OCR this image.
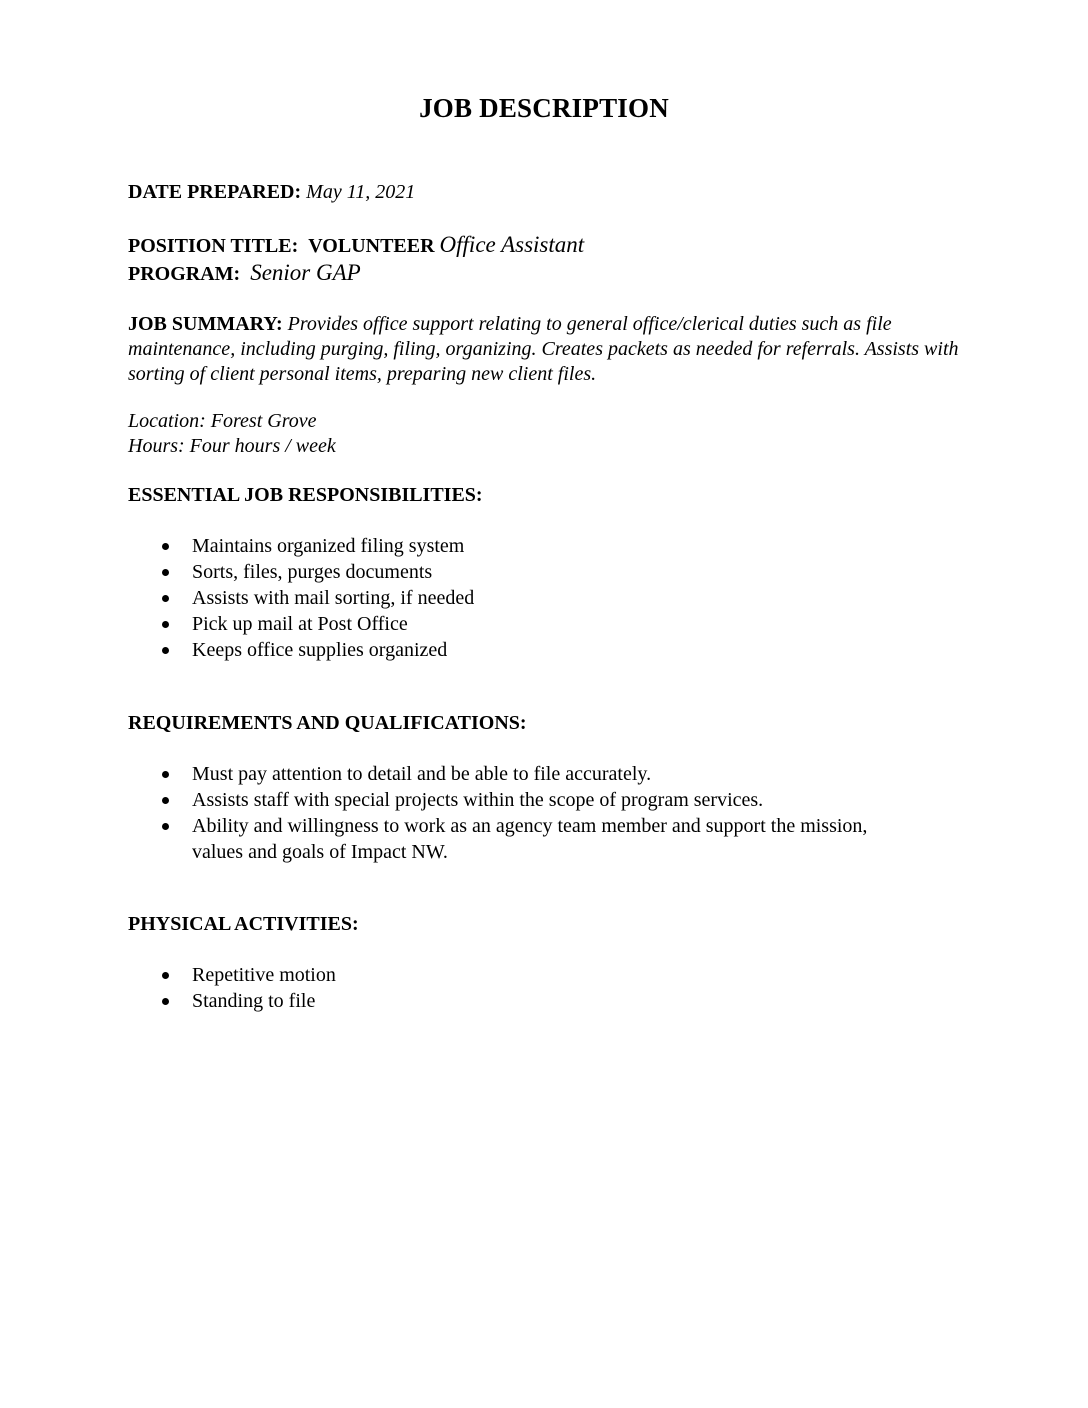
JOB DESCRIPTION
DATE PREPARED: May 11, 2021
POSITION TITLE: VOLUNTEER Office Assistant
PROGRAM: Senior GAP
JOB SUMMARY: Provides office support relating to general office/clerical duties such as file maintenance, including purging, filing, organizing. Creates packets as needed for referrals. Assists with sorting of client personal items, preparing new client files.
Location: Forest Grove
Hours: Four hours / week
ESSENTIAL JOB RESPONSIBILITIES:
Maintains organized filing system
Sorts, files, purges documents
Assists with mail sorting, if needed
Pick up mail at Post Office
Keeps office supplies organized
REQUIREMENTS AND QUALIFICATIONS:
Must pay attention to detail and be able to file accurately.
Assists staff with special projects within the scope of program services.
Ability and willingness to work as an agency team member and support the mission, values and goals of Impact NW.
PHYSICAL ACTIVITIES:
Repetitive motion
Standing to file
